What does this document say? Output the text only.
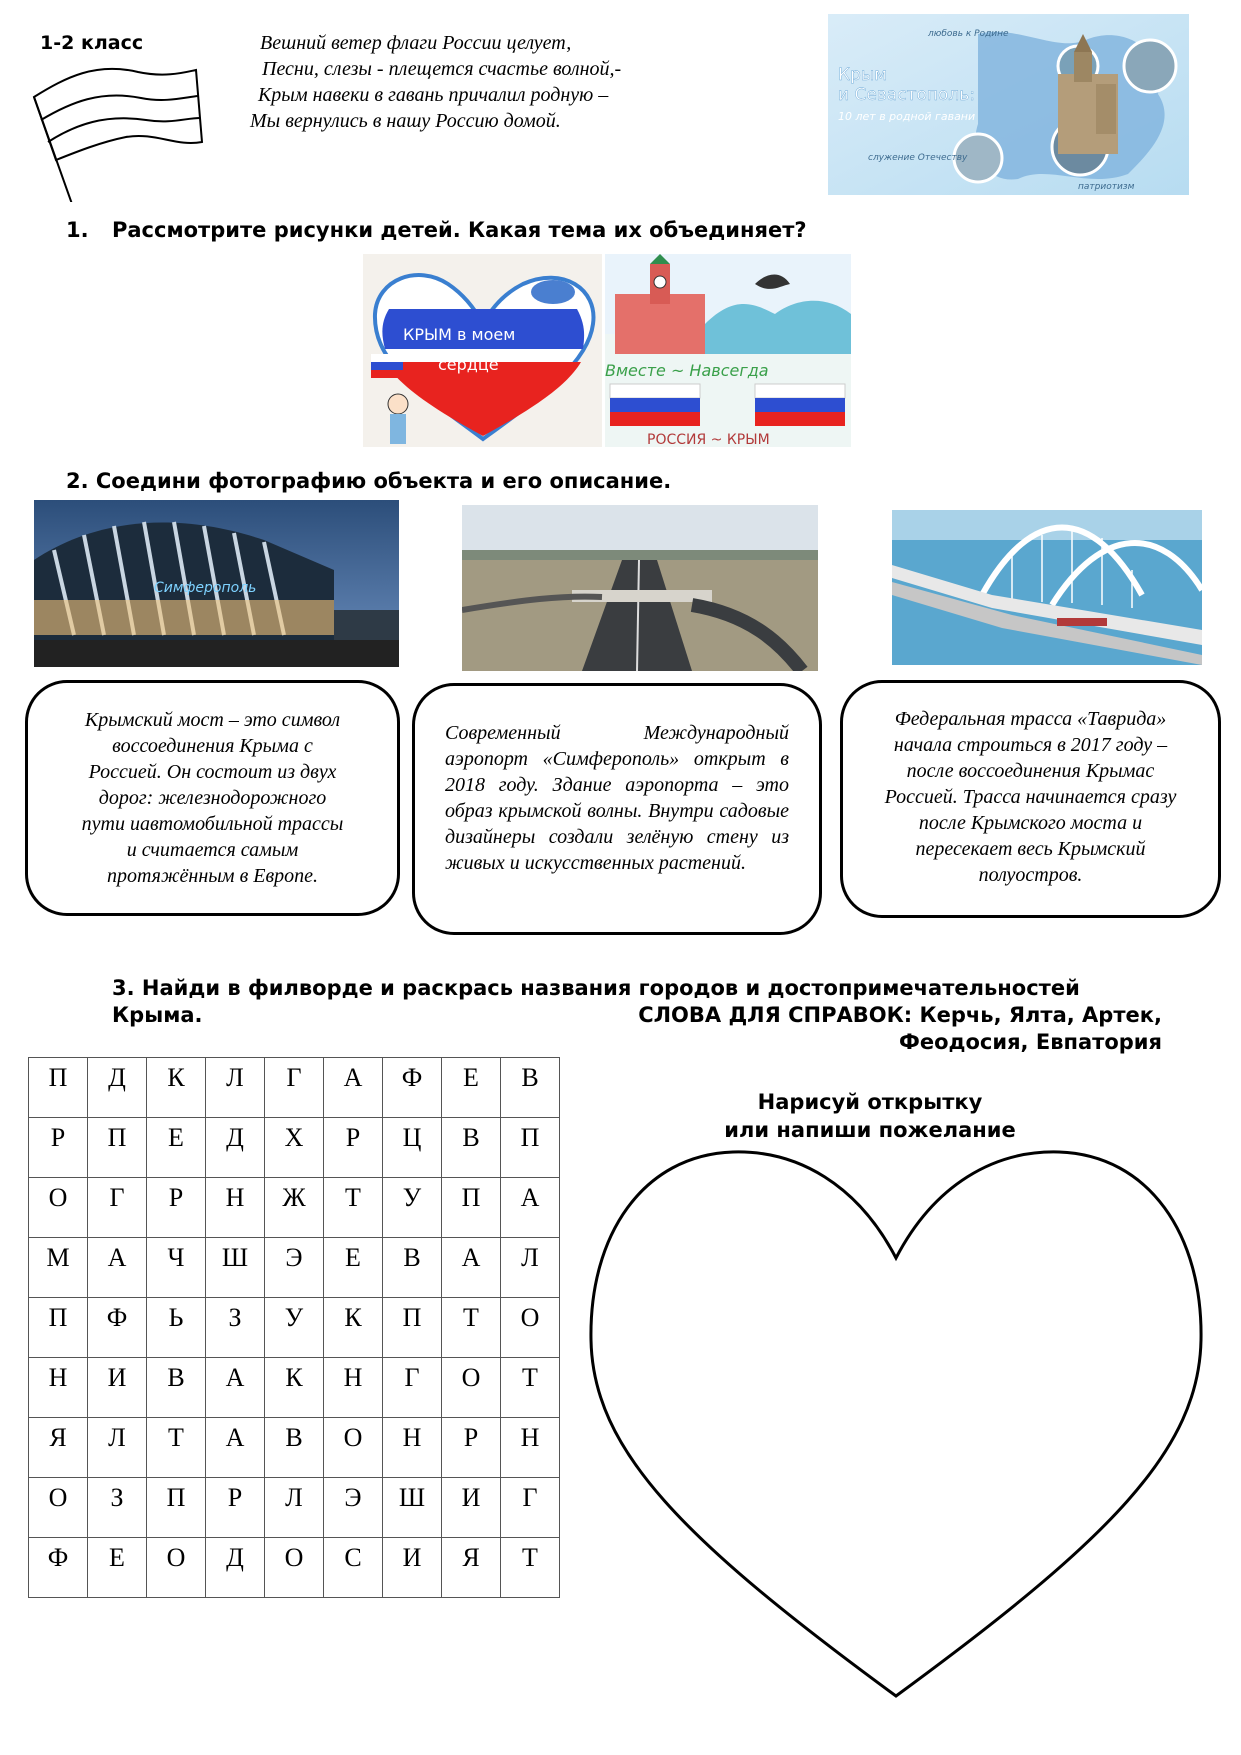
1-2 класс	Вешний ветер флаги России целует,
Песни, слезы - плещется счастье волной,-
Крым навеки в гавань причалил родную –
Мы вернулись в нашу Россию домой.
любовь к Родине
Крым
и Севастополь:
10 лет в родной гавани
служение Отечеству
патриотизм
1. Рассмотрите рисунки детей. Какая тема их объединяет?
КРЫМ в моем
сердце	Вместе ~ Навсегда
РОССИЯ ~ КРЫМ
2. Соедини фотографию объекта и его описание.
Симферополь
Крымский мост – это символ
воссоединения Крыма с
Россией. Он состоит из двух
дорог: железнодорожного
пути иавтомобильной трассы
и считается самым
протяжённым в Европе.
Современный Международный аэропорт «Симферополь» открыт в 2018 году. Здание аэропорта – это образ крымской волны. Внутри садовые дизайнеры создали зелёную стену из живых и искусственных растений.
Федеральная трасса «Таврида» начала строиться в 2017 году – после воссоединения Крымас Россией. Трасса начинается сразу после Крымского моста и пересекает весь Крымский полуостров.
3. Найди в филворде и раскрась названия городов и достопримечательностей
Крыма.	СЛОВА ДЛЯ СПРАВОК: Керчь, Ялта, Артек,
Феодосия, Евпатория
П	Д	К	Л	Г	А	Ф	Е	В
Р	П	Е	Д	Х	Р	Ц	В	П
О	Г	Р	Н	Ж	Т	У	П	А
М	А	Ч	Ш	Э	Е	В	А	Л
П	Ф	Ь	З	У	К	П	Т	О
Н	И	В	А	К	Н	Г	О	Т
Я	Л	Т	А	В	О	Н	Р	Н
О	З	П	Р	Л	Э	Ш	И	Г
Ф	Е	О	Д	О	С	И	Я	Т
Нарисуй открытку
или напиши пожелание
